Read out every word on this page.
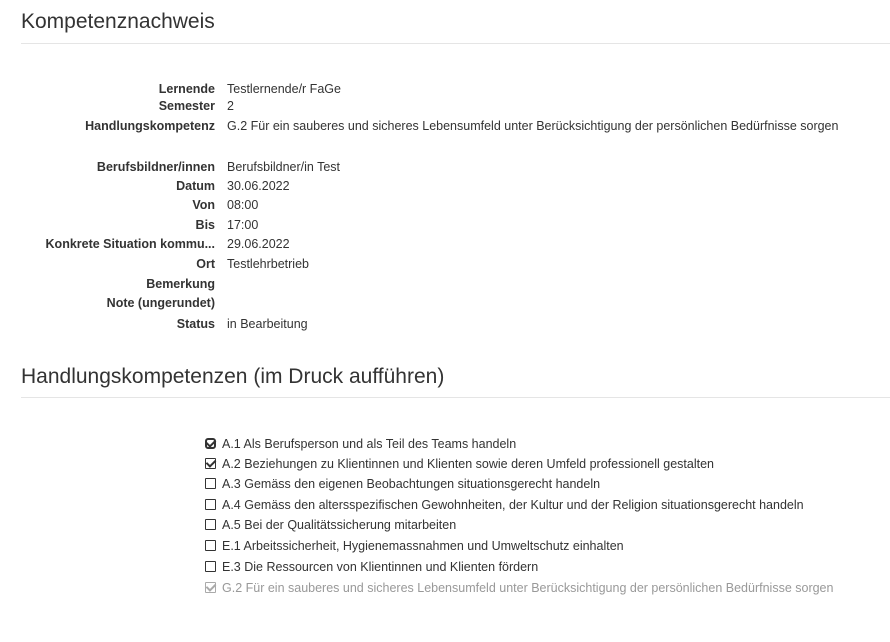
Kompetenznachweis
Lernende Testlernende/r FaGe
Semester 2
Handlungskompetenz G.2 Für ein sauberes und sicheres Lebensumfeld unter Berücksichtigung der persönlichen Bedürfnisse sorgen
Berufsbildner/innen Berufsbildner/in Test
Datum 30.06.2022
Von 08:00
Bis 17:00
Konkrete Situation kommu... 29.06.2022
Ort Testlehrbetrieb
Bemerkung
Note (ungerundet)
Status in Bearbeitung
Handlungskompetenzen (im Druck aufführen)
A.1 Als Berufsperson und als Teil des Teams handeln
A.2 Beziehungen zu Klientinnen und Klienten sowie deren Umfeld professionell gestalten
A.3 Gemäss den eigenen Beobachtungen situationsgerecht handeln
A.4 Gemäss den altersspezifischen Gewohnheiten, der Kultur und der Religion situationsgerecht handeln
A.5 Bei der Qualitätssicherung mitarbeiten
E.1 Arbeitssicherheit, Hygienemassnahmen und Umweltschutz einhalten
E.3 Die Ressourcen von Klientinnen und Klienten fördern
G.2 Für ein sauberes und sicheres Lebensumfeld unter Berücksichtigung der persönlichen Bedürfnisse sorgen
